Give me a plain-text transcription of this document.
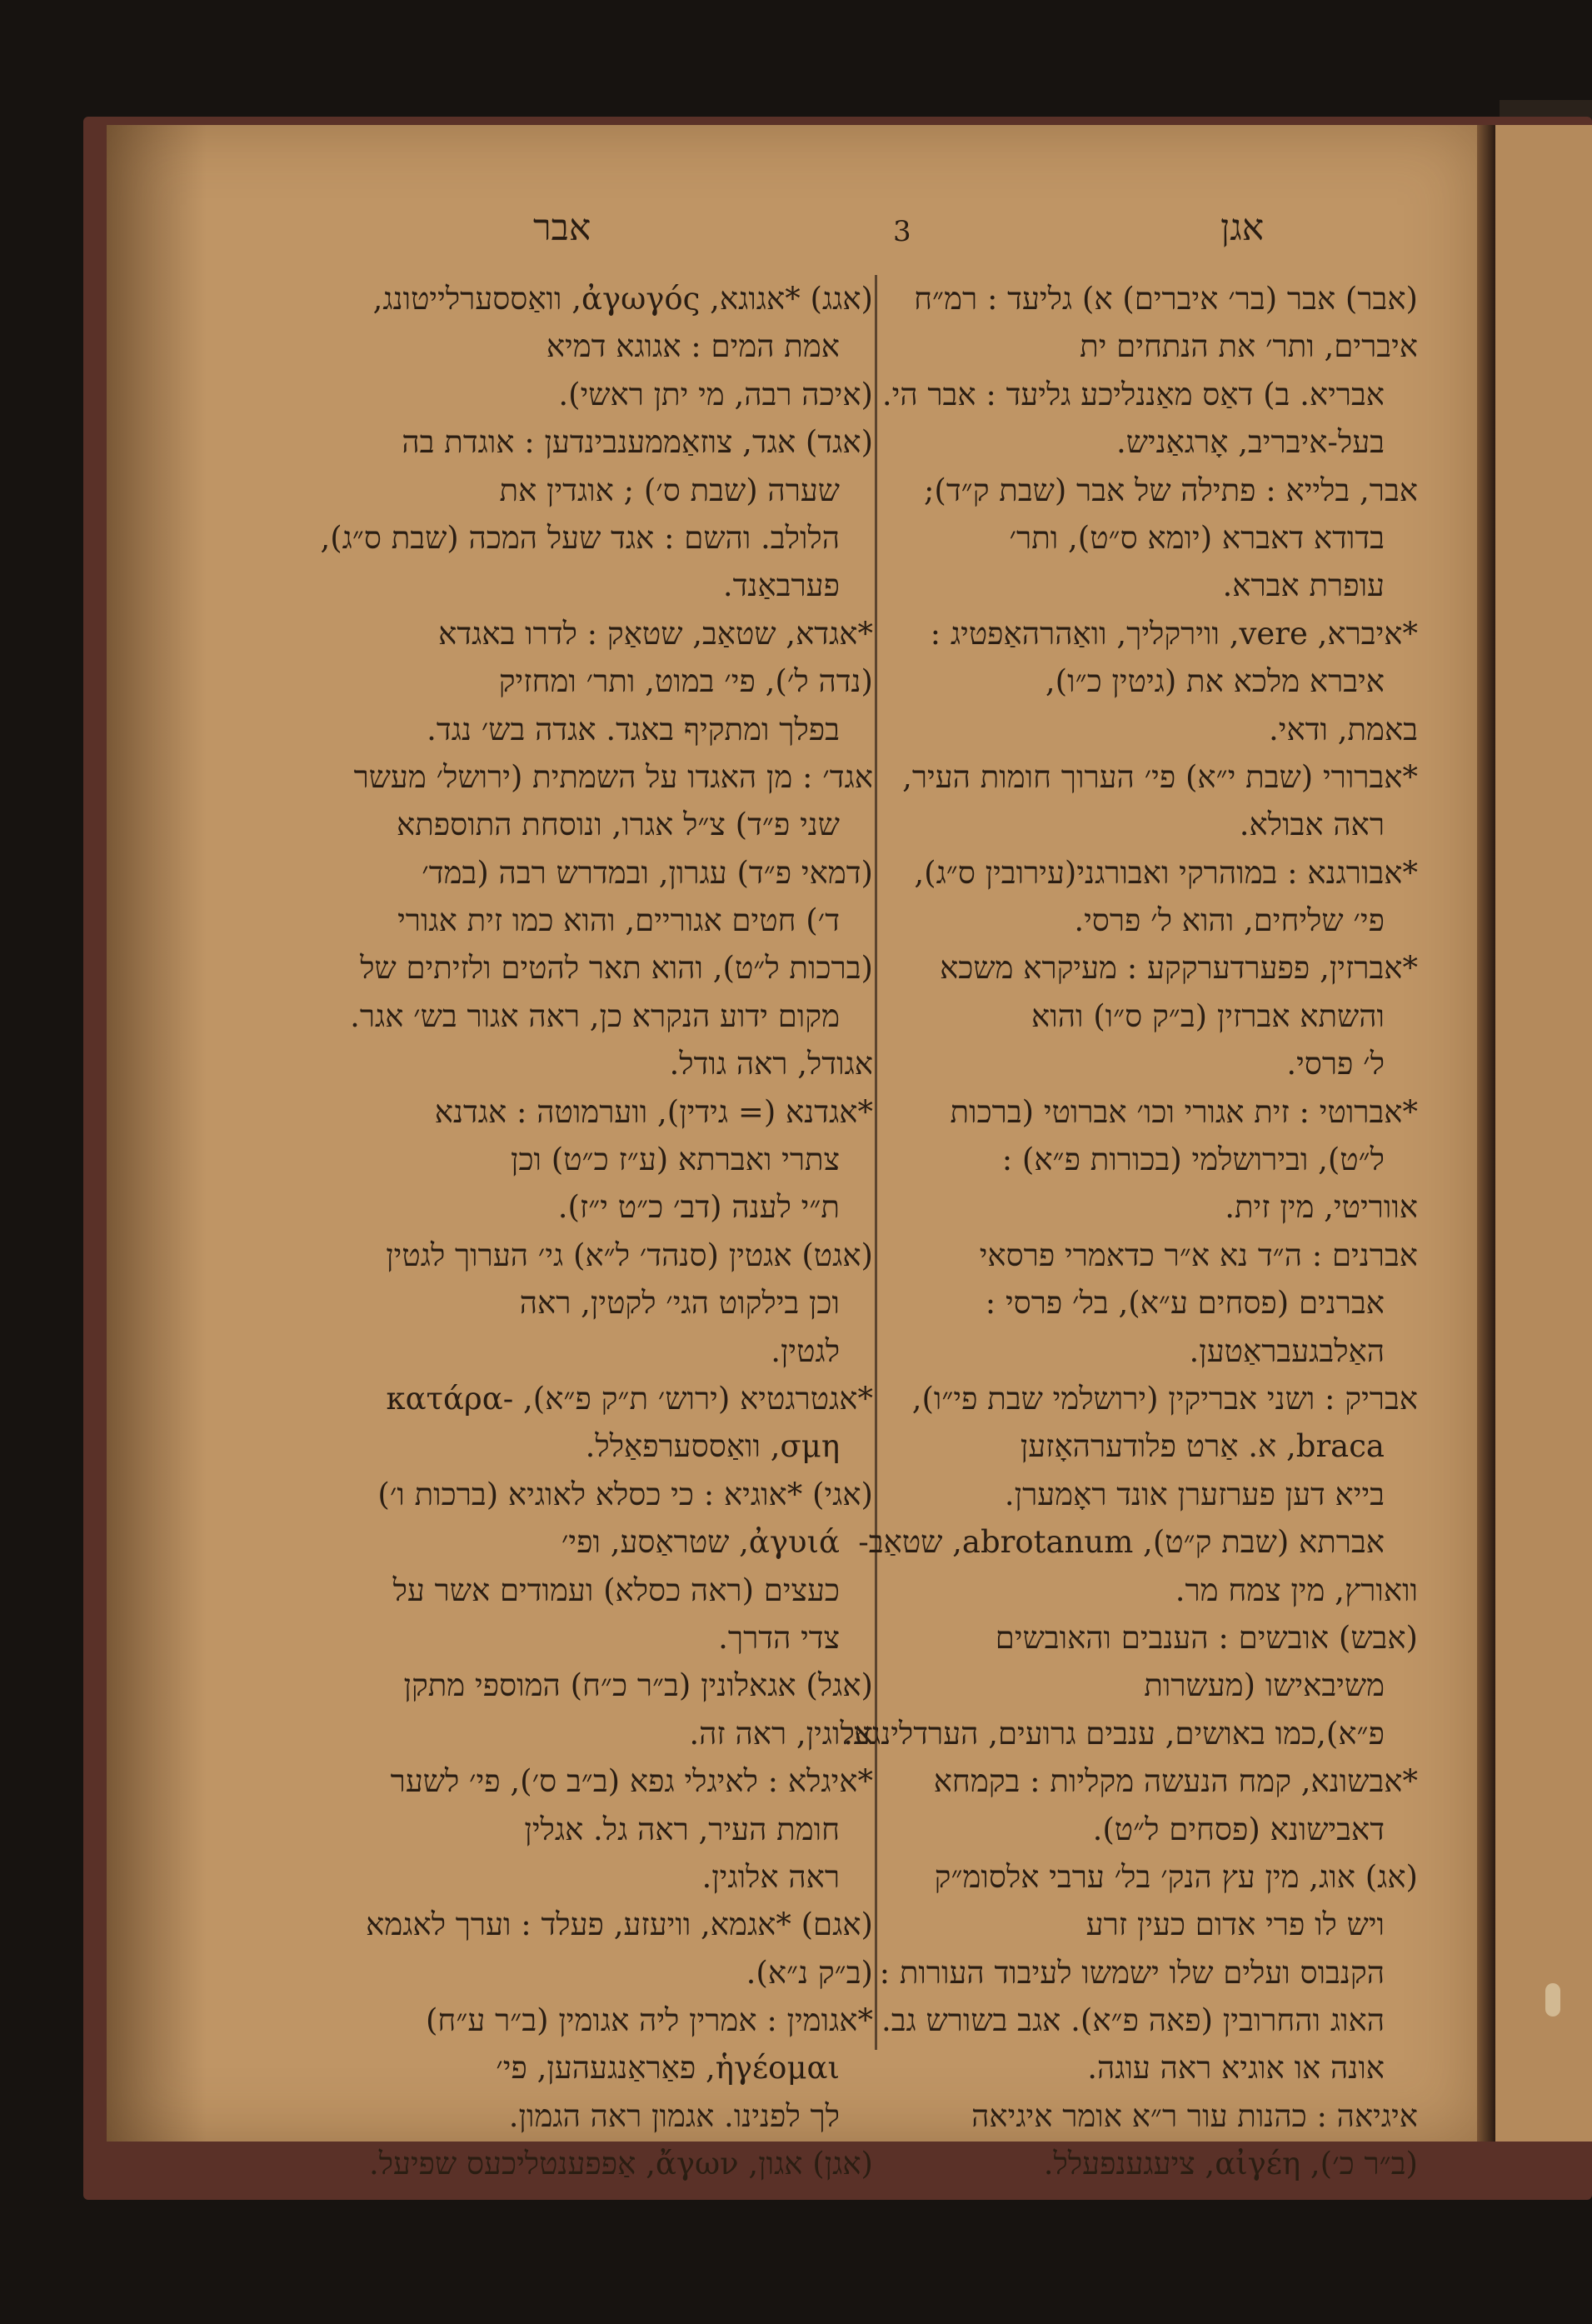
אבר	3	אגן
(אבר) אבר (בר׳ איברים) א) גליעד : רמ״ח
איברים, ותר׳ את הנתחים ית
אבריא. ב) דאַס מאַננליכע גליעד : אבר הי.
בעל-איבריב, אָרגאַניש.
אבר, בלייא : פתילה של אבר (שבת ק״ד);
בדודא דאברא (יומא ס״ט), ותר׳
עופרת אברא.
*איברא, vere, ווירקליך, וואַהרהאַפטיג :
איברא מלכא את (גיטין כ״ו),
באמת, ודאי.
*אברורי (שבת י״א) פי׳ הערוך חומות העיר,
ראה אבולא.
*אבורגנא : במוהרקי ואבורגני(עירובין ס״ג),
פי׳ שליחים, והוא ל׳ פרסי.
*אברזין, פפערדערקקע : מעיקרא משכא
והשתא אברזין (ב״ק ס״ו) והוא
ל׳ פרסי.
*אברוטי : זית אגורי וכו׳ אברוטי (ברכות
ל״ט), ובירושלמי (בכורות פ״א) :
אווריטי, מין זית.
אברנים : ה״ד נא א״ר כדאמרי פרסאי
אברנים (פסחים ע״א), בל׳ פרסי :
האַלבגעבראַטען.
אבריק : ושני אבריקין (ירושלמי שבת פי״ו),
braca, א. אַרט פלודערהאָזען
בייא דען פערזערן אונד ראָמערן.
אברתא (שבת ק״ט), abrotanum, שטאַב-
וואורץ, מין צמח מר.
(אבש) אובשים : הענבים והאובשים
משיבאישו (מעשרות
פ״א),כמו באושים, ענבים גרועים, הערדלינגע.
*אבשונא, קמח הנעשה מקליות : בקמחא
דאבישונא (פסחים ל״ט).
(אג) אוג, מין עץ הנק׳ בל׳ ערבי אלסומ״ק
ויש לו פרי אדום כעין זרע
הקנבוס ועלים שלו ישמשו לעיבוד העורות :
האוג והחרובין (פאה פ״א). אגב בשורש גב.
אונה או אוגיא ראה עוגה.
איגיאה : כהנות עור ר״א אומר איגיאה
(ב״ר כ׳), αἰγέη, ציעגענפעלל.
(אגג) *אגוגא, ἀγωγός, וואַססערלייטונג,
אמת המים : אגוגא דמיא
(איכה רבה, מי יתן ראשי).
(אגד) אגד, צוזאַממענבינדען : אוגדת בה
שערה (שבת ס׳) ; אוגדין את
הלולב. והשם : אגד שעל המכה (שבת ס״ג),
פערבאַנד.
*אגדא, שטאַב, שטאַק : לדרו באגדא
(נדה ל׳), פי׳ במוט, ותר׳ ומחזיק
בפלך ומתקיף באגד. אגדה בש׳ נגד.
אגד׳ : מן האגדו על השמתית (ירושל׳ מעשר
שני פ״ד) צ״ל אגרו, ונוסחת התוספתא
(דמאי פ״ד) עגרון, ובמדרש רבה (במד׳
ד׳) חטים אגוריים, והוא כמו זית אגורי
(ברכות ל״ט), והוא תאר להטים ולזיתים של
מקום ידוע הנקרא כן, ראה אגור בש׳ אגר.
אגודל, ראה גודל.
*אגדנא (= גידין), ווערמוטה : אגדנא
צתרי ואברתא (ע״ז כ״ט) וכן
ת״י לענה (דב׳ כ״ט י״ז).
(אגט) אגטין (סנהד׳ ל״א) גי׳ הערוך לגטין
וכן בילקוט הגי׳ לקטין, ראה
לגטין.
*אגטרגטיא (ירוש׳ ת״ק פ״א), -κατάρα
σμη, וואַססערפאַלל.
(אגי) *אוגיא : כי כסלא לאוגיא (ברכות ו׳)
ἀγυιά, שטראַסע, ופי׳
כעצים (ראה כסלא) ועמודים אשר על
צדי הדרך.
(אגל) אגאלונין (ב״ר כ״ח) המוספי מתקן
אלוגין, ראה זה.
*איגלא : לאיגלי גפא (ב״ב ס׳), פי׳ לשער
חומת העיר, ראה גל. אגלין
ראה אלוגין.
(אגם) *אגמא, וויעזע, פעלד : וערך לאגמא
(ב״ק נ״א).
*אגומין : אמרין ליה אגומין (ב״ר ע״ח)
ἡγέομαι, פאַראַנגעהען, פי׳
לך לפנינו. אגמון ראה הגמון.
(אגן) אגון, ἄγων, אַפפענטליכעס שפיעל.
